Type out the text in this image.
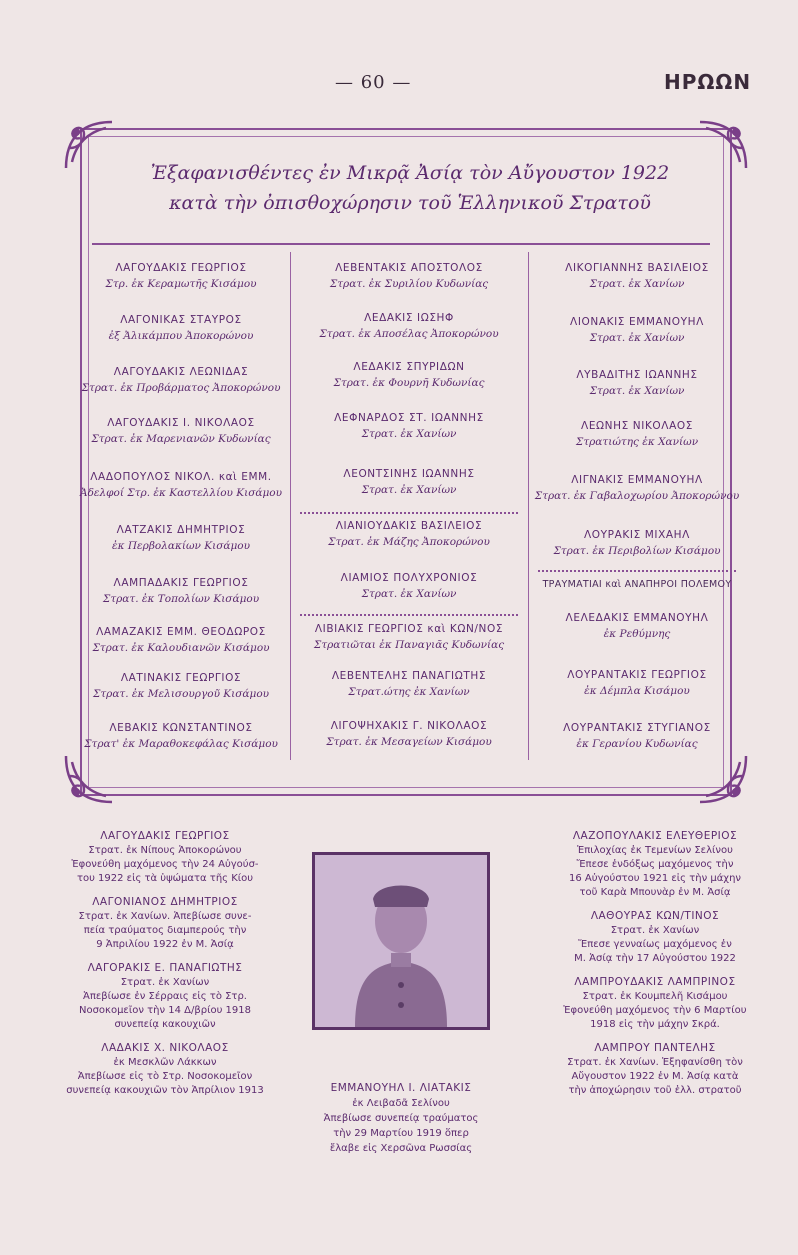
— 60 —	ΗΡΩΩΝ
Ἐξαφανισθέντες ἐν Μικρᾷ Ἀσίᾳ τὸν Αὔγουστον 1922
κατὰ τὴν ὀπισθοχώρησιν τοῦ Ἑλληνικοῦ Στρατοῦ
ΛΑΓΟΥΔΑΚΙΣ ΓΕΩΡΓΙΟΣ
Στρ. ἐκ Κεραμωτῆς Κισάμου
ΛΑΓΟΝΙΚΑΣ ΣΤΑΥΡΟΣ
ἐξ Ἀλικάμπου Ἀποκορώνου
ΛΑΓΟΥΔΑΚΙΣ ΛΕΩΝΙΔΑΣ
Στρατ. ἐκ Προβάρματος Ἀποκορώνου
ΛΑΓΟΥΔΑΚΙΣ Ι. ΝΙΚΟΛΑΟΣ
Στρατ. ἐκ Μαρενιανῶν Κυδωνίας
ΛΑΔΟΠΟΥΛΟΣ ΝΙΚΟΛ. καὶ ΕΜΜ.
Ἀδελφοί Στρ. ἐκ Καστελλίου Κισάμου
ΛΑΤΖΑΚΙΣ ΔΗΜΗΤΡΙΟΣ
ἐκ Περβολακίων Κισάμου
ΛΑΜΠΑΔΑΚΙΣ ΓΕΩΡΓΙΟΣ
Στρατ. ἐκ Τοπολίων Κισάμου
ΛΑΜΑΖΑΚΙΣ ΕΜΜ. ΘΕΟΔΩΡΟΣ
Στρατ. ἐκ Καλουδιανῶν Κισάμου
ΛΑΤΙΝΑΚΙΣ ΓΕΩΡΓΙΟΣ
Στρατ. ἐκ Μελισουργοῦ Κισάμου
ΛΕΒΑΚΙΣ ΚΩΝΣΤΑΝΤΙΝΟΣ
Στρατ' ἐκ Μαραθοκεφάλας Κισάμου
ΛΕΒΕΝΤΑΚΙΣ ΑΠΟΣΤΟΛΟΣ
Στρατ. ἐκ Συριλίου Κυδωνίας
ΛΕΔΑΚΙΣ ΙΩΣΗΦ
Στρατ. ἐκ Αποσέλας Ἀποκορώνου
ΛΕΔΑΚΙΣ ΣΠΥΡΙΔΩΝ
Στρατ. ἐκ Φουρνῆ Κυδωνίας
ΛΕΦΝΑΡΔΟΣ ΣΤ. ΙΩΑΝΝΗΣ
Στρατ. ἐκ Χανίων
ΛΕΟΝΤΣΙΝΗΣ ΙΩΑΝΝΗΣ
Στρατ. ἐκ Χανίων
ΛΙΑΝΙΟΥΔΑΚΙΣ ΒΑΣΙΛΕΙΟΣ
Στρατ. ἐκ Μάζης Ἀποκορώνου
ΛΙΑΜΙΟΣ ΠΟΛΥΧΡΟΝΙΟΣ
Στρατ. ἐκ Χανίων
ΛΙΒΙΑΚΙΣ ΓΕΩΡΓΙΟΣ καὶ ΚΩΝ/ΝΟΣ
Στρατιῶται ἐκ Παναγιᾶς Κυδωνίας
ΛΕΒΕΝΤΕΛΗΣ ΠΑΝΑΓΙΩΤΗΣ
Στρατ.ώτης ἐκ Χανίων
ΛΙΓΟΨΗΧΑΚΙΣ Γ. ΝΙΚΟΛΑΟΣ
Στρατ. ἐκ Μεσαγείων Κισάμου
ΛΙΚΟΓΙΑΝΝΗΣ ΒΑΣΙΛΕΙΟΣ
Στρατ. ἐκ Χανίων
ΛΙΟΝΑΚΙΣ ΕΜΜΑΝΟΥΗΛ
Στρατ. ἐκ Χανίων
ΛΥΒΑΔΙΤΗΣ ΙΩΑΝΝΗΣ
Στρατ. ἐκ Χανίων
ΛΕΩΝΗΣ ΝΙΚΟΛΑΟΣ
Στρατιώτης ἐκ Χανίων
ΛΙΓΝΑΚΙΣ ΕΜΜΑΝΟΥΗΛ
Στρατ. ἐκ Γαβαλοχωρίου Ἀποκορώνου
ΛΟΥΡΑΚΙΣ ΜΙΧΑΗΛ
Στρατ. ἐκ Περιβολίων Κισάμου
ΤΡΑΥΜΑΤΙΑΙ καὶ ΑΝΑΠΗΡΟΙ ΠΟΛΕΜΟΥ
ΛΕΛΕΔΑΚΙΣ ΕΜΜΑΝΟΥΗΛ
ἐκ Ρεθύμνης
ΛΟΥΡΑΝΤΑΚΙΣ ΓΕΩΡΓΙΟΣ
ἐκ Δέμπλα Κισάμου
ΛΟΥΡΑΝΤΑΚΙΣ ΣΤΥΓΙΑΝΟΣ
ἐκ Γερανίου Κυδωνίας
ΛΑΓΟΥΔΑΚΙΣ ΓΕΩΡΓΙΟΣ
Στρατ. ἐκ Νίπους Ἀποκορώνου
Ἐφονεύθη μαχόμενος τὴν 24 Αὐγούσ-
του 1922 εἰς τὰ ὑψώματα τῆς Κίου
ΛΑΓΟΝΙΑΝΟΣ ΔΗΜΗΤΡΙΟΣ
Στρατ. ἐκ Χανίων. Ἀπεβίωσε συνε-
πεία τραύματος διαμπερούς τὴν
9 Ἀπριλίου 1922 ἐν Μ. Ἀσίᾳ
ΛΑΓΟΡΑΚΙΣ Ε. ΠΑΝΑΓΙΩΤΗΣ
Στρατ. ἐκ Χανίων
Ἀπεβίωσε ἐν Σέρραις εἰς τὸ Στρ.
Νοσοκομεῖον τὴν 14 Δ/βρίου 1918
συνεπείᾳ κακουχιῶν
ΛΑΔΑΚΙΣ Χ. ΝΙΚΟΛΑΟΣ
ἐκ Μεσκλῶν Λάκκων
Ἀπεβίωσε εἰς τὸ Στρ. Νοσοκομεῖον
συνεπείᾳ κακουχιῶν τὸν Ἀπρίλιον 1913	ΕΜΜΑΝΟΥΗΛ Ι. ΛΙΑΤΑΚΙΣ
ἐκ Λειβαδᾶ Σελίνου
Ἀπεβίωσε συνεπείᾳ τραύματος
τὴν 29 Μαρτίου 1919 ὅπερ
ἔλαβε εἰς Χερσῶνα Ρωσσίας
ΛΑΖΟΠΟΥΛΑΚΙΣ ΕΛΕΥΘΕΡΙΟΣ
Ἐπιλοχίας ἐκ Τεμενίων Σελίνου
Ἔπεσε ἐνδόξως μαχόμενος τὴν
16 Αὐγούστου 1921 εἰς τὴν μάχην
τοῦ Καρὰ Μπουνὰρ ἐν Μ. Ἀσίᾳ
ΛΑΘΟΥΡΑΣ ΚΩΝ/ΤΙΝΟΣ
Στρατ. ἐκ Χανίων
Ἔπεσε γενναίως μαχόμενος ἐν
Μ. Ἀσίᾳ τὴν 17 Αὐγούστου 1922
ΛΑΜΠΡΟΥΔΑΚΙΣ ΛΑΜΠΡΙΝΟΣ
Στρατ. ἐκ Κουμπελῆ Κισάμου
Ἐφονεύθη μαχόμενος τὴν 6 Μαρτίου
1918 εἰς τὴν μάχην Σκρά.
ΛΑΜΠΡΟΥ ΠΑΝΤΕΛΗΣ
Στρατ. ἐκ Χανίων. Ἐξηφανίσθη τὸν
Αὔγουστον 1922 ἐν Μ. Ἀσίᾳ κατὰ
τὴν ἀποχώρησιν τοῦ ἑλλ. στρατοῦ
